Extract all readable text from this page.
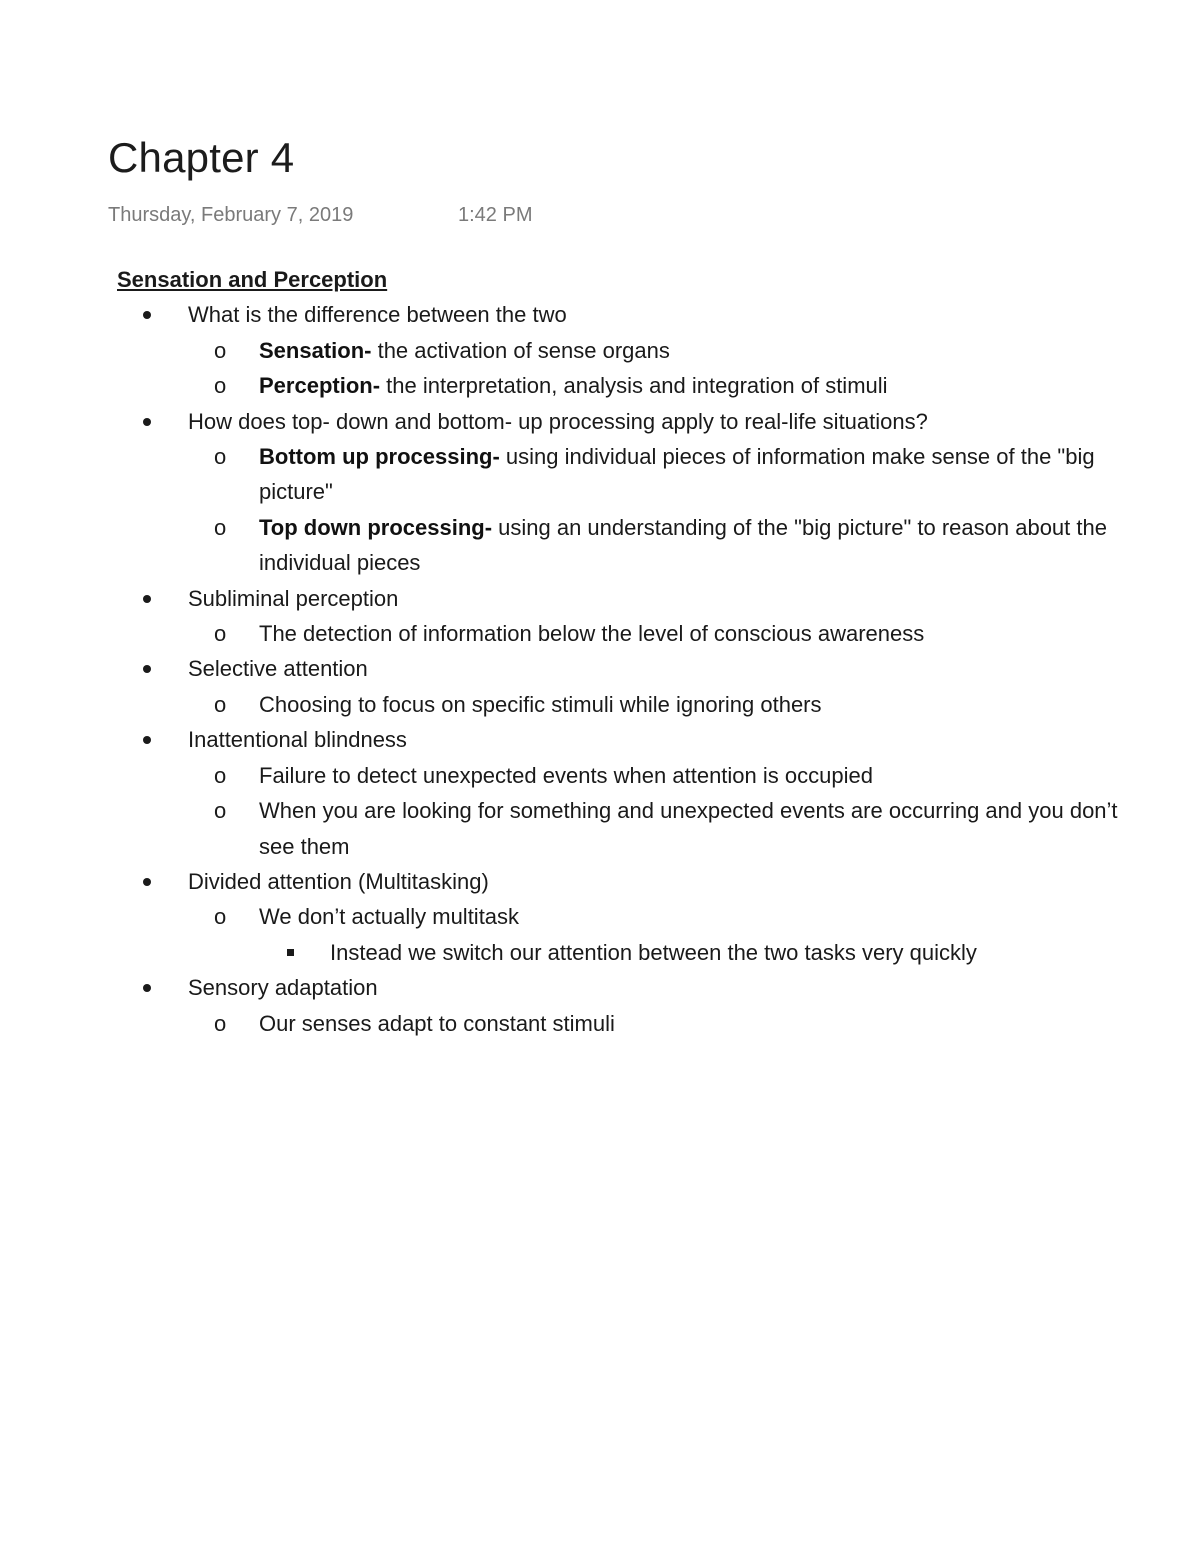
Chapter 4
Thursday, February 7, 2019	1:42 PM

Sensation and Perception

What is the difference between the two
o	Sensation- the activation of sense organs
o	Perception- the interpretation, analysis and integration of stimuli
How does top- down and bottom- up processing apply to real-life situations?
o	Bottom up processing- using individual pieces of information make sense of the "big picture"
o	Top down processing- using an understanding of the "big picture" to reason about the individual pieces
Subliminal perception
o	The detection of information below the level of conscious awareness
Selective attention
o	Choosing to focus on specific stimuli while ignoring others
Inattentional blindness
o	Failure to detect unexpected events when attention is occupied
o	When you are looking for something and unexpected events are occurring and you don’t see them
Divided attention (Multitasking)
o	We don’t actually multitask
Instead we switch our attention between the two tasks very quickly
Sensory adaptation
o	Our senses adapt to constant stimuli
